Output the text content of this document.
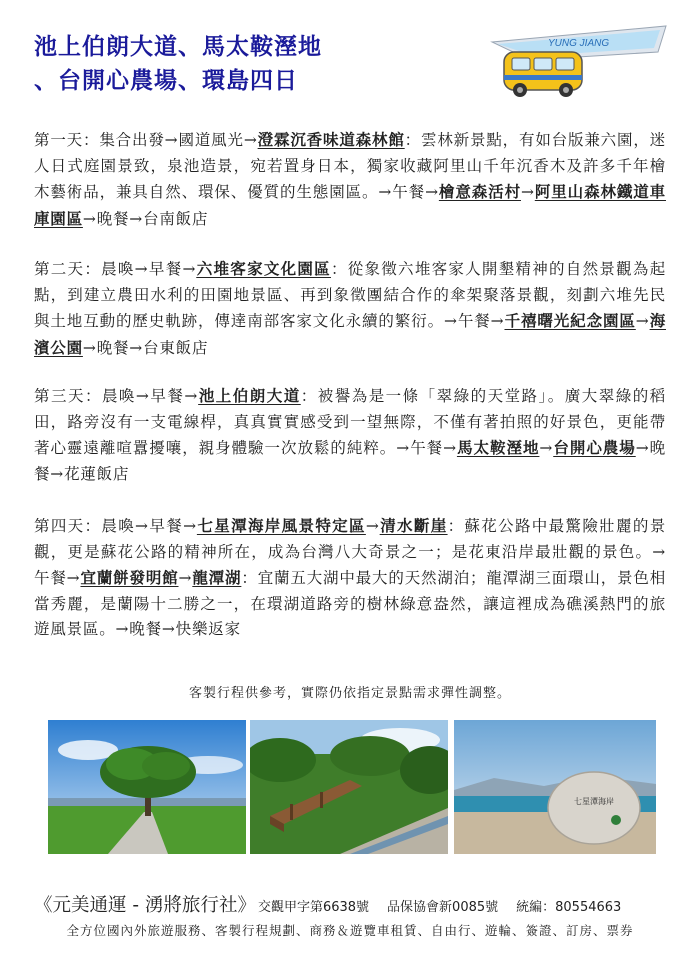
池上伯朗大道、馬太鞍溼地
、台開心農場、環島四日
YUNG JIANG
第一天：集合出發→國道風光→澄霖沉香味道森林館：雲林新景點，有如台版兼六園，迷人日式庭園景致，泉池造景，宛若置身日本，獨家收藏阿里山千年沉香木及許多千年檜木藝術品，兼具自然、環保、優質的生態園區。→午餐→檜意森活村→阿里山森林鐵道車庫園區→晚餐→台南飯店
第二天：晨喚→早餐→六堆客家文化園區：從象徵六堆客家人開墾精神的自然景觀為起點，到建立農田水利的田園地景區、再到象徵團結合作的傘架聚落景觀，刻劃六堆先民與土地互動的歷史軌跡，傳達南部客家文化永續的繁衍。→午餐→千禧曙光紀念園區→海濱公園→晚餐→台東飯店
第三天：晨喚→早餐→池上伯朗大道：被譽為是一條「翠綠的天堂路」。廣大翠綠的稻田，路旁沒有一支電線桿，真真實實感受到一望無際，不僅有著拍照的好景色，更能帶著心靈遠離喧囂擾嚷，親身體驗一次放鬆的純粹。→午餐→馬太鞍溼地→台開心農場→晚餐→花蓮飯店
第四天：晨喚→早餐→七星潭海岸風景特定區→清水斷崖：蘇花公路中最驚險壯麗的景觀，更是蘇花公路的精神所在，成為台灣八大奇景之一；是花東沿岸最壯觀的景色。→午餐→宜蘭餅發明館→龍潭湖：宜蘭五大湖中最大的天然湖泊；龍潭湖三面環山，景色相當秀麗，是蘭陽十二勝之一，在環湖道路旁的樹林綠意盎然，讓這裡成為礁溪熱門的旅遊風景區。→晚餐→快樂返家
客製行程供參考，實際仍依指定景點需求彈性調整。
七星潭海岸
《元美通運 - 湧將旅行社》 交觀甲字第6638號 品保協會新0085號 統編：80554663
全方位國內外旅遊服務、客製行程規劃、商務＆遊覽車租賃、自由行、遊輪、簽證、訂房、票券
